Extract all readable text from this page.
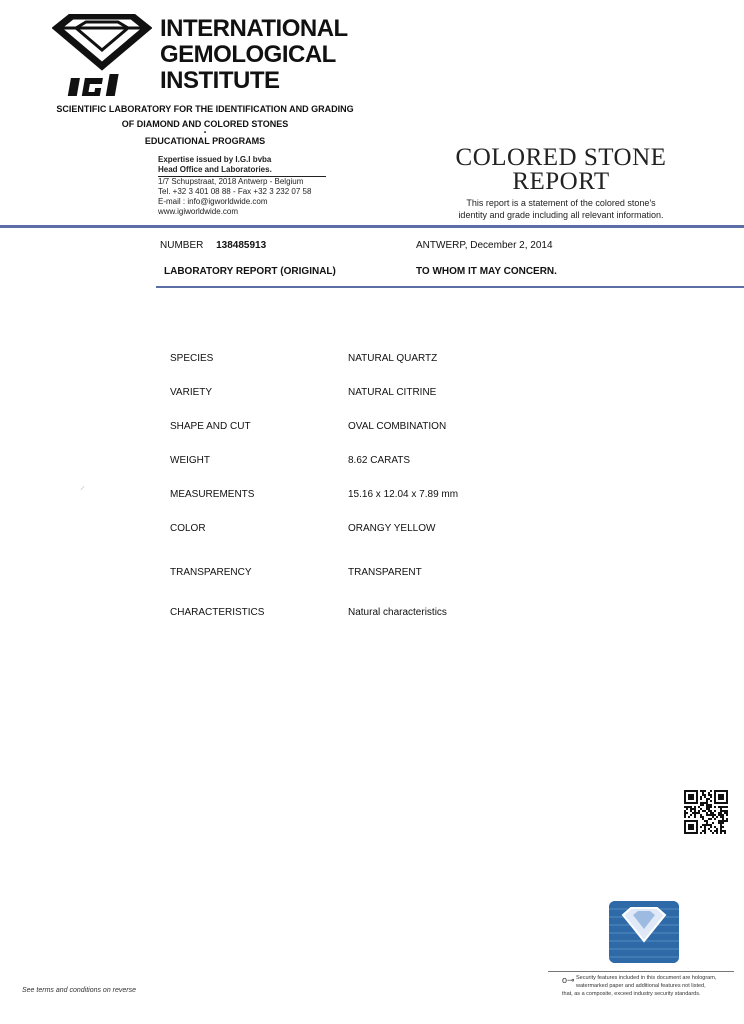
INTERNATIONAL
GEMOLOGICAL
INSTITUTE
SCIENTIFIC LABORATORY FOR THE IDENTIFICATION AND GRADING
OF DIAMOND AND COLORED STONES
•
EDUCATIONAL PROGRAMS
Expertise issued by I.G.I bvba
Head Office and Laboratories.
1/7 Schupstraat, 2018 Antwerp - Belgium
Tel. +32 3 401 08 88 - Fax +32 3 232 07 58
E-mail : info@igworldwide.com
www.igiworldwide.com
COLORED STONE
REPORT
This report is a statement of the colored stone's
identity and grade including all relevant information.
NUMBER 138485913	ANTWERP, December 2, 2014
LABORATORY REPORT (ORIGINAL)	TO WHOM IT MAY CONCERN.
SPECIES	NATURAL QUARTZ
VARIETY	NATURAL CITRINE
SHAPE AND CUT	OVAL COMBINATION
WEIGHT	8.62 CARATS
MEASUREMENTS	15.16 x 12.04 x 7.89 mm
COLOR	ORANGY YELLOW
TRANSPARENCY	TRANSPARENT
CHARACTERISTICS	Natural characteristics
⸝
o⊸ Security features included in this document are hologram,
watermarked paper and additional features not listed,
that, as a composite, exceed industry security standards.
See terms and conditions on reverse
